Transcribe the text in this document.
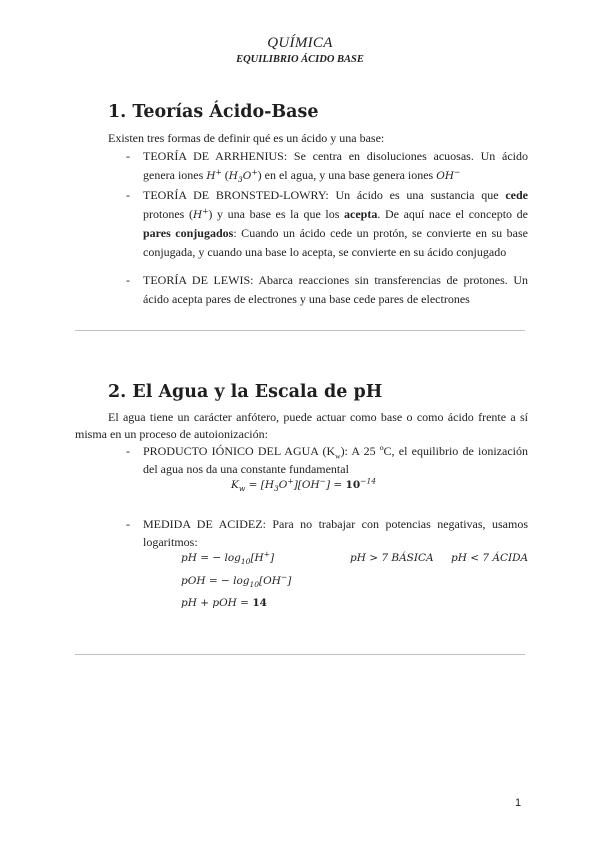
QUÍMICA
EQUILIBRIO ÁCIDO BASE
1. Teorías Ácido-Base
Existen tres formas de definir qué es un ácido y una base:
- TEORÍA DE ARRHENIUS: Se centra en disoluciones acuosas. Un ácido genera iones H+ $(H_3O^+)$ en el agua, y una base genera iones OH−
- TEORÍA DE BRONSTED-LOWRY: Un ácido es una sustancia que cede protones (H+) y una base es la que los acepta. De aquí nace el concepto de pares conjugados: Cuando un ácido cede un protón, se convierte en su base conjugada, y cuando una base lo acepta, se convierte en su ácido conjugado
- TEORÍA DE LEWIS: Abarca reacciones sin transferencias de protones. Un ácido acepta pares de electrones y una base cede pares de electrones
2. El Agua y la Escala de pH
El agua tiene un carácter anfótero, puede actuar como base o como ácido frente a sí misma en un proceso de autoionización:
- PRODUCTO IÓNICO DEL AGUA $(K_w)$: A 25 ºC, el equilibrio de ionización del agua nos da una constante fundamental
$K_w = [H_3O^+][OH^-] = 10^{-14}$
- MEDIDA DE ACIDEZ: Para no trabajar con potencias negativas, usamos logaritmos:
pH = − $\log_{10}[H^+]$	pH > 7 BÁSICA pH < 7 ÁCIDA
pOH = − $\log_{10}[OH^-]$
pH + pOH = 14
1
